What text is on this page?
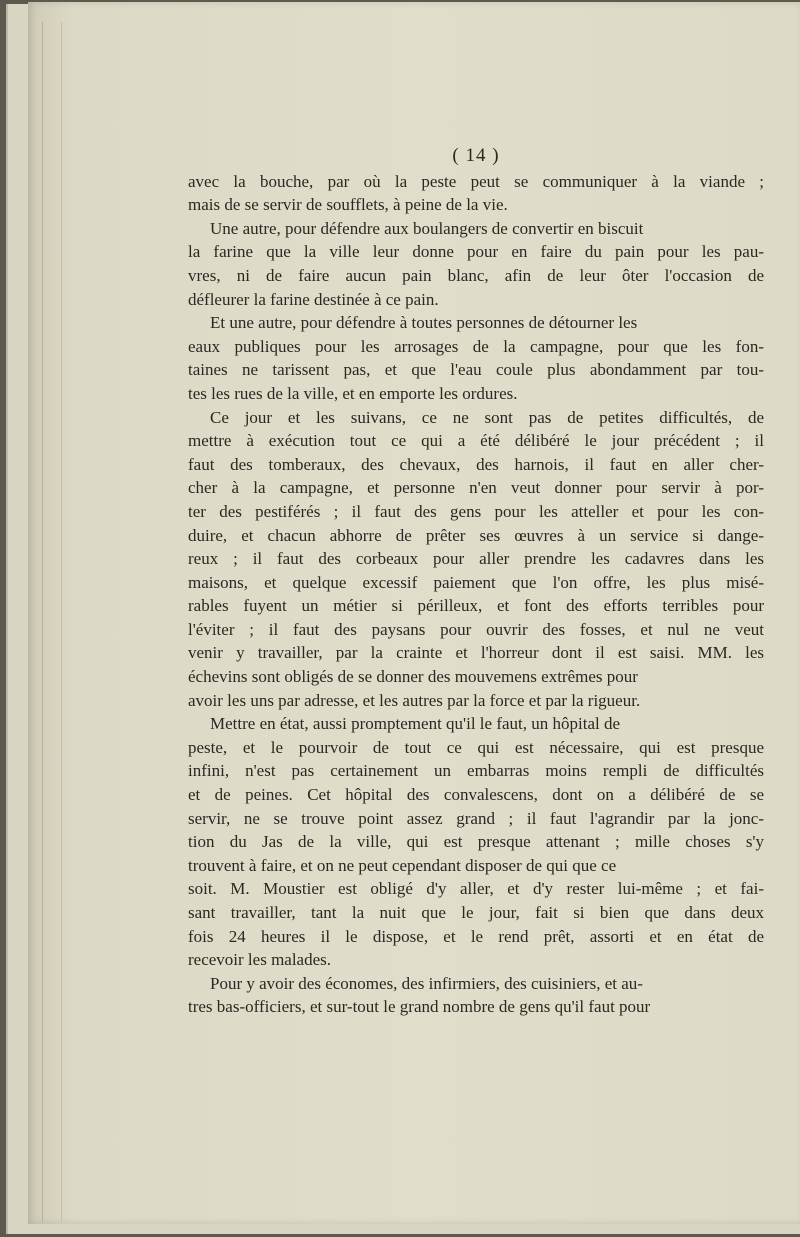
( 14 )

avec la bouche, par où la peste peut se communiquer à la viande ;
mais de se servir de soufflets, à peine de la vie.

Une autre, pour défendre aux boulangers de convertir en biscuit
la farine que la ville leur donne pour en faire du pain pour les pau-
vres, ni de faire aucun pain blanc, afin de leur ôter l'occasion de
défleurer la farine destinée à ce pain.

Et une autre, pour défendre à toutes personnes de détourner les
eaux publiques pour les arrosages de la campagne, pour que les fon-
taines ne tarissent pas, et que l'eau coule plus abondamment par tou-
tes les rues de la ville, et en emporte les ordures.

Ce jour et les suivans, ce ne sont pas de petites difficultés, de
mettre à exécution tout ce qui a été délibéré le jour précédent ; il
faut des tomberaux, des chevaux, des harnois, il faut en aller cher-
cher à la campagne, et personne n'en veut donner pour servir à por-
ter des pestiférés ; il faut des gens pour les atteller et pour les con-
duire, et chacun abhorre de prêter ses œuvres à un service si dange-
reux ; il faut des corbeaux pour aller prendre les cadavres dans les
maisons, et quelque excessif paiement que l'on offre, les plus misé-
rables fuyent un métier si périlleux, et font des efforts terribles pour
l'éviter ; il faut des paysans pour ouvrir des fosses, et nul ne veut
venir y travailler, par la crainte et l'horreur dont il est saisi. MM. les
échevins sont obligés de se donner des mouvemens extrêmes pour
avoir les uns par adresse, et les autres par la force et par la rigueur.

Mettre en état, aussi promptement qu'il le faut, un hôpital de
peste, et le pourvoir de tout ce qui est nécessaire, qui est presque
infini, n'est pas certainement un embarras moins rempli de difficultés
et de peines. Cet hôpital des convalescens, dont on a délibéré de se
servir, ne se trouve point assez grand ; il faut l'agrandir par la jonc-
tion du Jas de la ville, qui est presque attenant ; mille choses s'y
trouvent à faire, et on ne peut cependant disposer de qui que ce
soit. M. Moustier est obligé d'y aller, et d'y rester lui-même ; et fai-
sant travailler, tant la nuit que le jour, fait si bien que dans deux
fois 24 heures il le dispose, et le rend prêt, assorti et en état de
recevoir les malades.

Pour y avoir des économes, des infirmiers, des cuisiniers, et au-
tres bas-officiers, et sur-tout le grand nombre de gens qu'il faut pour
